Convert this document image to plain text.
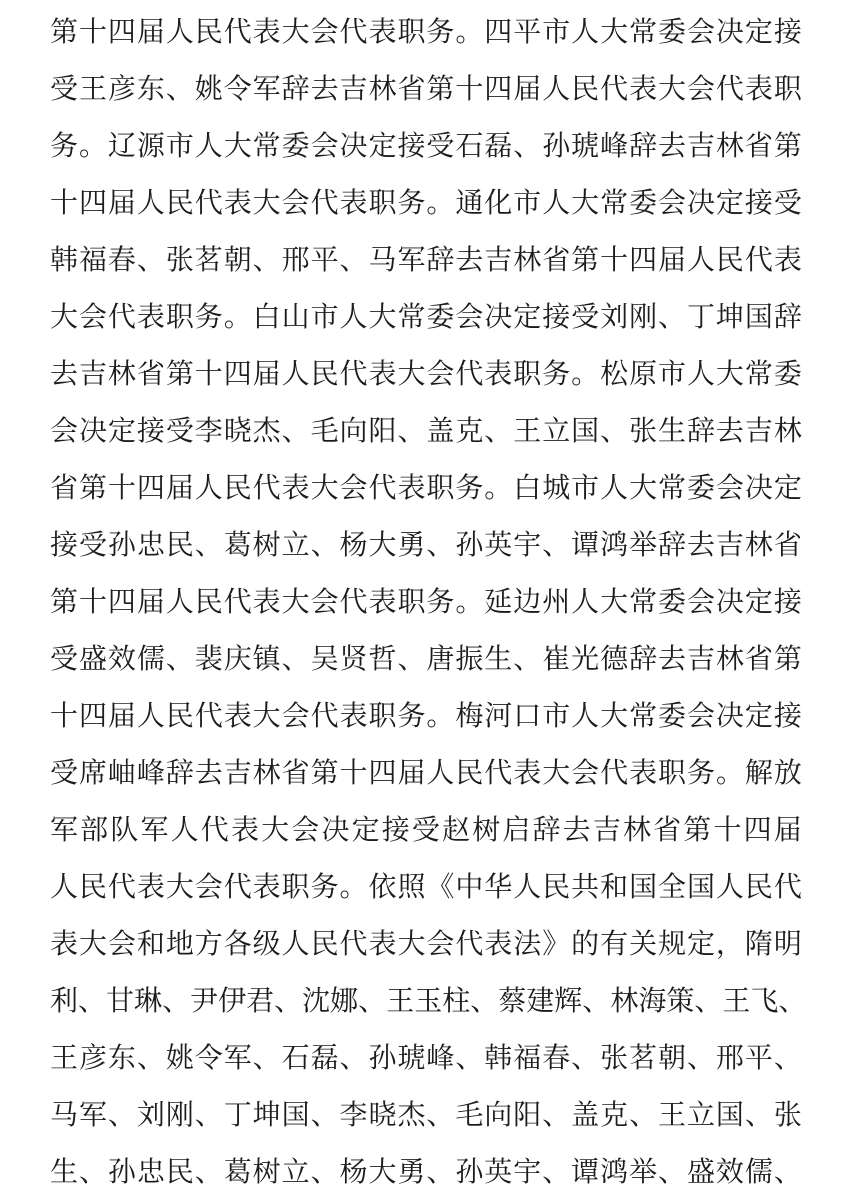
第 十 四 届 人 民 代 表 大 会 代 表 职 务 。 四 平 市 人 大 常 委 会 决 定 接
受 王 彦 东 、 姚 令 军 辞 去 吉 林 省 第 十 四 届 人 民 代 表 大 会 代 表 职
务 。 辽 源 市 人 大 常 委 会 决 定 接 受 石 磊 、 孙 琥 峰 辞 去 吉 林 省 第
十 四 届 人 民 代 表 大 会 代 表 职 务 。 通 化 市 人 大 常 委 会 决 定 接 受
韩 福 春 、 张 茗 朝 、 邢 平 、 马 军 辞 去 吉 林 省 第 十 四 届 人 民 代 表
大 会 代 表 职 务 。 白 山 市 人 大 常 委 会 决 定 接 受 刘 刚 、 丁 坤 国 辞
去 吉 林 省 第 十 四 届 人 民 代 表 大 会 代 表 职 务 。 松 原 市 人 大 常 委
会 决 定 接 受 李 晓 杰 、 毛 向 阳 、 盖 克 、 王 立 国 、 张 生 辞 去 吉 林
省 第 十 四 届 人 民 代 表 大 会 代 表 职 务 。 白 城 市 人 大 常 委 会 决 定
接 受 孙 忠 民 、 葛 树 立 、 杨 大 勇 、 孙 英 宇 、 谭 鸿 举 辞 去 吉 林 省
第 十 四 届 人 民 代 表 大 会 代 表 职 务 。 延 边 州 人 大 常 委 会 决 定 接
受 盛 效 儒 、 裴 庆 镇 、 吴 贤 哲 、 唐 振 生 、 崔 光 德 辞 去 吉 林 省 第
十 四 届 人 民 代 表 大 会 代 表 职 务 。 梅 河 口 市 人 大 常 委 会 决 定 接
受 席 岫 峰 辞 去 吉 林 省 第 十 四 届 人 民 代 表 大 会 代 表 职 务 。 解 放
军 部 队 军 人 代 表 大 会 决 定 接 受 赵 树 启 辞 去 吉 林 省 第 十 四 届
人 民 代 表 大 会 代 表 职 务 。 依 照 《 中 华 人 民 共 和 国 全 国 人 民 代
表 大 会 和 地 方 各 级 人 民 代 表 大 会 代 表 法 》 的 有 关 规 定 ， 隋 明
利 、 甘 琳 、 尹 伊 君 、 沈 娜 、 王 玉 柱 、 蔡 建 辉 、 林 海 策 、 王 飞 、
王 彦 东 、 姚 令 军 、 石 磊 、 孙 琥 峰 、 韩 福 春 、 张 茗 朝 、 邢 平 、
马 军 、 刘 刚 、 丁 坤 国 、 李 晓 杰 、 毛 向 阳 、 盖 克 、 王 立 国 、 张
生 、 孙 忠 民 、 葛 树 立 、 杨 大 勇 、 孙 英 宇 、 谭 鸿 举 、 盛 效 儒 、
